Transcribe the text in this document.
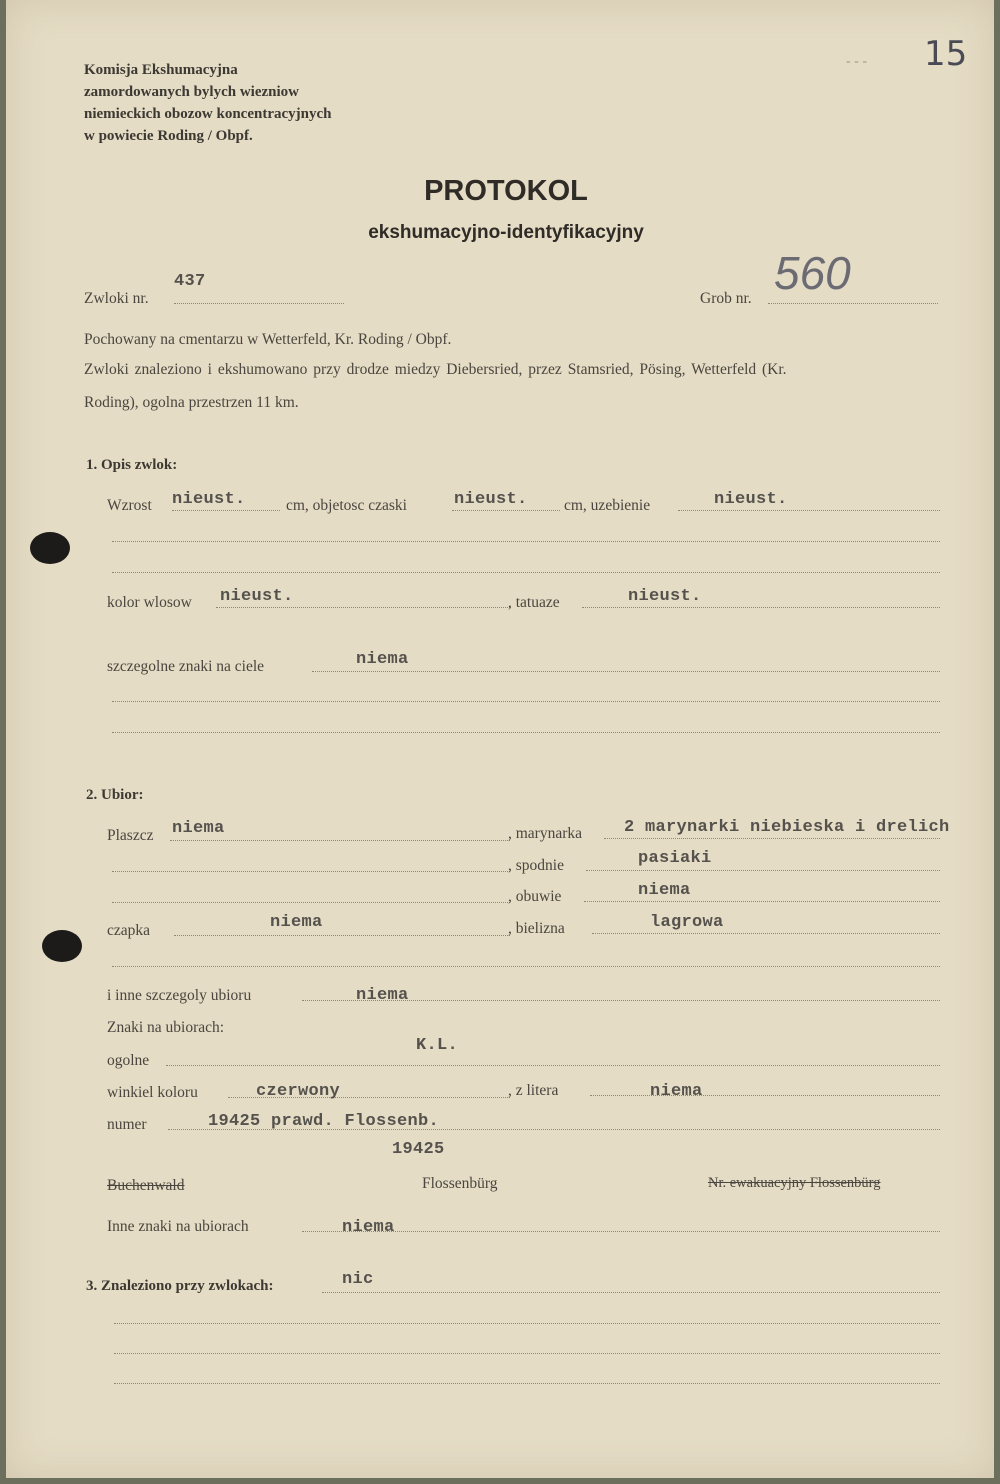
15
- - -
Komisja Ekshumacyjna
zamordowanych bylych wiezniow
niemieckich obozow koncentracyjnych
w powiecie Roding / Obpf.
PROTOKOL
ekshumacyjno-identyfikacyjny
Zwloki nr.
437
Grob nr. 560
Pochowany na cmentarzu w Wetterfeld, Kr. Roding / Obpf.
Zwloki znaleziono i ekshumowano przy drodze miedzy Diebersried, przez Stamsried, Pösing, Wetterfeld (Kr.
Roding), ogolna przestrzen 11 km.
1. Opis zwlok:
Wzrost nieust.	cm, objetosc czaski	nieust. cm, uzebienie	nieust.
kolor wlosow nieust.	, tatuaze	nieust.
szczegolne znaki na ciele	niema
2. Ubior:
Plaszcz niema	, marynarka 2 marynarki niebieska i drelich
, spodnie	pasiaki
, obuwie	niema
czapka	niema	, bielizna	lagrowa
i inne szczegoly ubioru	niema
Znaki na ubiorach:
ogolne
K.L.
winkiel koloru	czerwony	, z litera	niema
numer	19425 prawd. Flossenb.
19425
Buchenwald	Flossenbürg	Nr. ewakuacyjny Flossenbürg
Inne znaki na ubiorach	niema
3. Znaleziono przy zwlokach:	nic
